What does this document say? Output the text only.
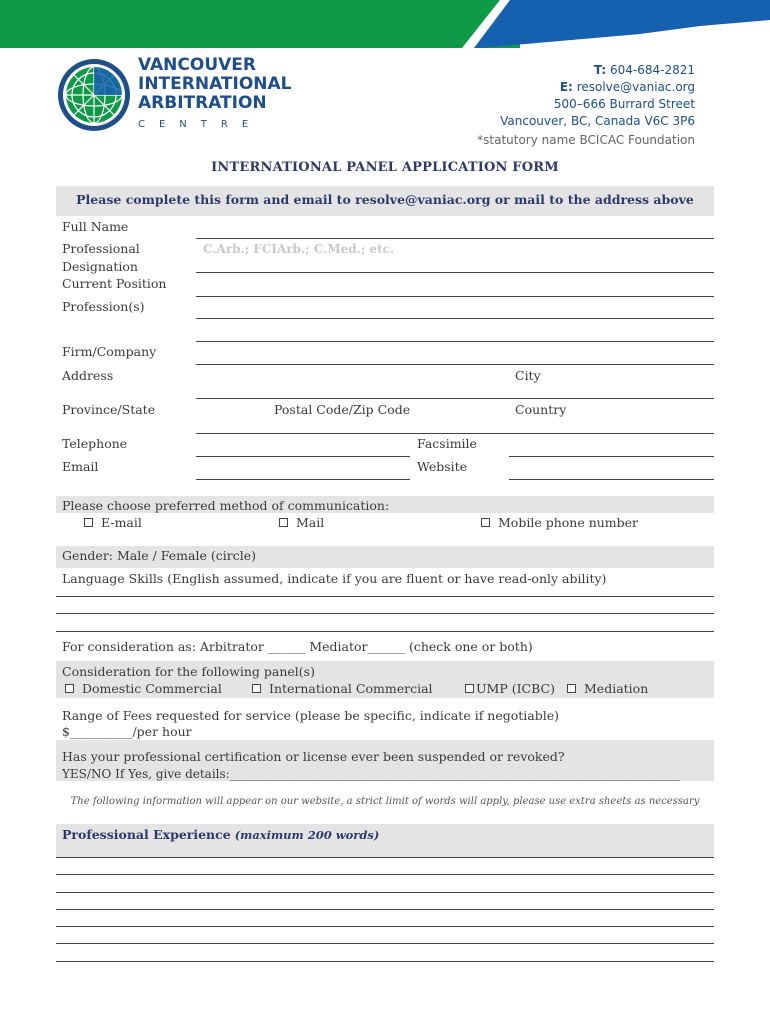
VANCOUVER
INTERNATIONAL
ARBITRATION
CENTRE
T: 604-684-2821
E: resolve@vaniac.org
500–666 Burrard Street
Vancouver, BC, Canada V6C 3P6
*statutory name BCICAC Foundation
INTERNATIONAL PANEL APPLICATION FORM
Please complete this form and email to resolve@vaniac.org or mail to the address above
Full Name
Professional	C.Arb.; FCIArb.; C.Med.; etc.
Designation
Current Position
Profession(s)
Firm/Company
Address	City
Province/State	Postal Code/Zip Code	Country
Telephone	Facsimile
Email	Website
Please choose preferred method of communication:
E-mail	Mail	Mobile phone number
Gender: Male / Female (circle)
Language Skills (English assumed, indicate if you are fluent or have read-only ability)
For consideration as: Arbitrator ______ Mediator______ (check one or both)
Consideration for the following panel(s)
Domestic Commercial	International Commercial	UMP (ICBC)	Mediation
Range of Fees requested for service (please be specific, indicate if negotiable)
$__________/per hour
Has your professional certification or license ever been suspended or revoked?
YES/NO If Yes, give details:___________________________________________________________________________
The following information will appear on our website, a strict limit of words will apply, please use extra sheets as necessary
Professional Experience (maximum 200 words)
